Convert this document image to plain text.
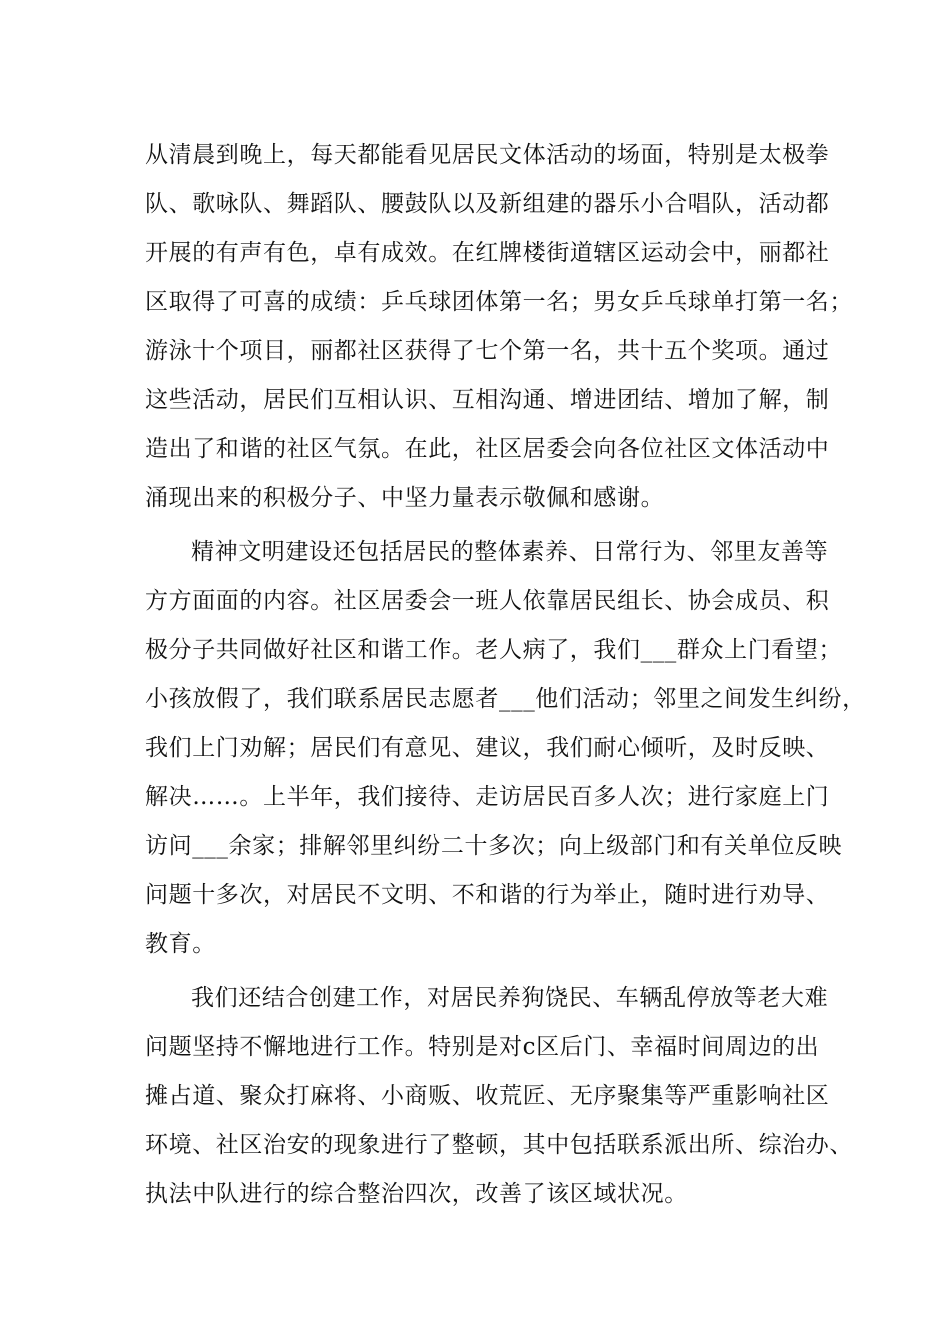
从清晨到晚上，每天都能看见居民文体活动的场面，特别是太极拳
队、歌咏队、舞蹈队、腰鼓队以及新组建的器乐小合唱队，活动都
开展的有声有色，卓有成效。在红牌楼街道辖区运动会中，丽都社
区取得了可喜的成绩：乒乓球团体第一名；男女乒乓球单打第一名；
游泳十个项目，丽都社区获得了七个第一名，共十五个奖项。通过
这些活动，居民们互相认识、互相沟通、增进团结、增加了解，制
造出了和谐的社区气氛。在此，社区居委会向各位社区文体活动中
涌现出来的积极分子、中坚力量表示敬佩和感谢。
精神文明建设还包括居民的整体素养、日常行为、邻里友善等
方方面面的内容。社区居委会一班人依靠居民组长、协会成员、积
极分子共同做好社区和谐工作。老人病了，我们___群众上门看望；
小孩放假了，我们联系居民志愿者___他们活动；邻里之间发生纠纷，
我们上门劝解；居民们有意见、建议，我们耐心倾听，及时反映、
解决……。上半年，我们接待、走访居民百多人次；进行家庭上门
访问___余家；排解邻里纠纷二十多次；向上级部门和有关单位反映
问题十多次，对居民不文明、不和谐的行为举止，随时进行劝导、
教育。
我们还结合创建工作，对居民养狗饶民、车辆乱停放等老大难
问题坚持不懈地进行工作。特别是对c区后门、幸福时间周边的出
摊占道、聚众打麻将、小商贩、收荒匠、无序聚集等严重影响社区
环境、社区治安的现象进行了整顿，其中包括联系派出所、综治办、
执法中队进行的综合整治四次，改善了该区域状况。
